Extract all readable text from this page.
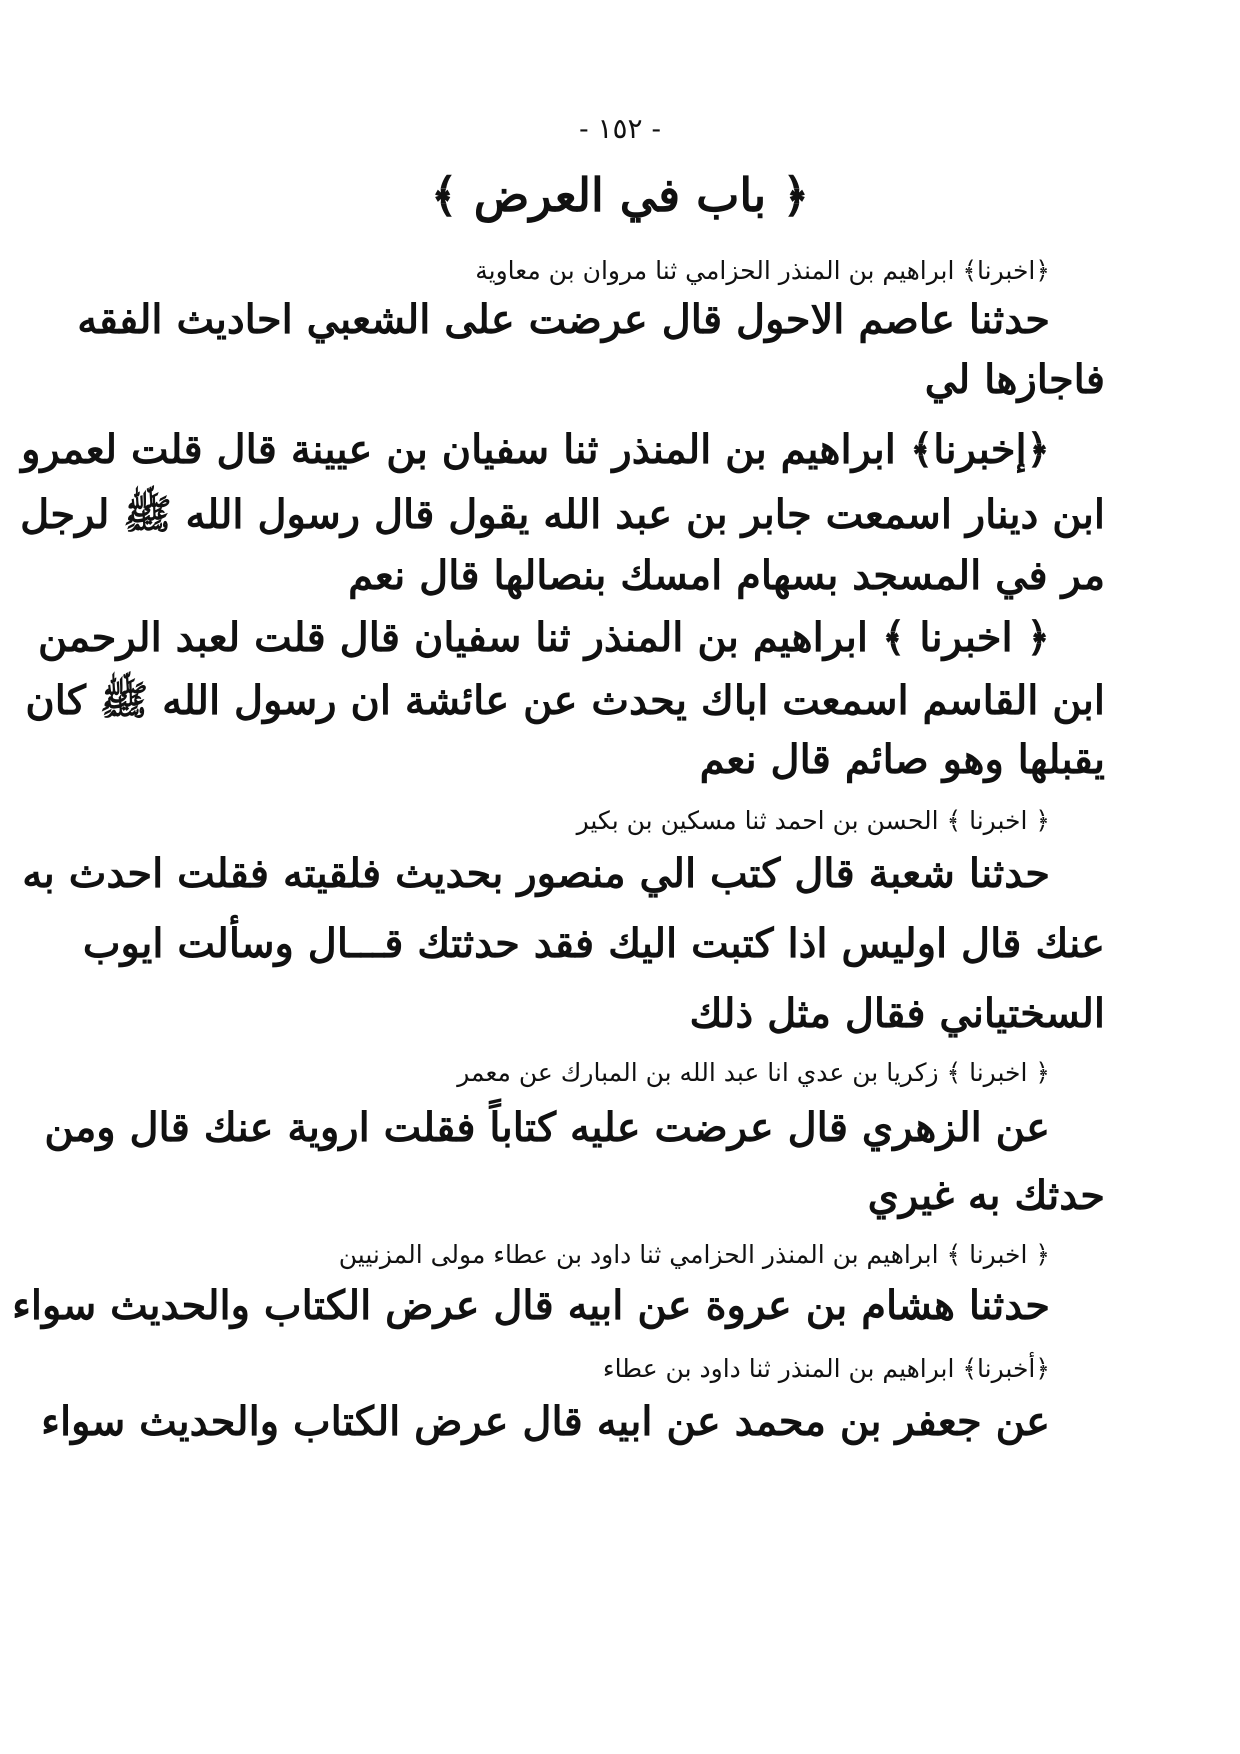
- ١٥٢ -
﴿ باب في العرض ﴾
﴿اخبرنا﴾ ابراهيم بن المنذر الحزامي ثنا مروان بن معاوية
حدثنا عاصم الاحول قال عرضت على الشعبي احاديث الفقه
فاجازها لي
﴿إخبرنا﴾ ابراهيم بن المنذر ثنا سفيان بن عيينة قال قلت لعمرو
ابن دينار اسمعت جابر بن عبد الله يقول قال رسول الله ﷺ لرجل
مر في المسجد بسهام امسك بنصالها قال نعم
﴿ اخبرنا ﴾ ابراهيم بن المنذر ثنا سفيان قال قلت لعبد الرحمن
ابن القاسم اسمعت اباك يحدث عن عائشة ان رسول الله ﷺ كان
يقبلها وهو صائم قال نعم
﴿ اخبرنا ﴾ الحسن بن احمد ثنا مسكين بن بكير
حدثنا شعبة قال كتب الي منصور بحديث فلقيته فقلت احدث به
عنك قال اوليس اذا كتبت اليك فقد حدثتك قـــال وسألت ايوب
السختياني فقال مثل ذلك
﴿ اخبرنا ﴾ زكريا بن عدي انا عبد الله بن المبارك عن معمر
عن الزهري قال عرضت عليه كتاباً فقلت اروية عنك قال ومن
حدثك به غيري
﴿ اخبرنا ﴾ ابراهيم بن المنذر الحزامي ثنا داود بن عطاء مولى المزنيين
حدثنا هشام بن عروة عن ابيه قال عرض الكتاب والحديث سواء
﴿أخبرنا﴾ ابراهيم بن المنذر ثنا داود بن عطاء
عن جعفر بن محمد عن ابيه قال عرض الكتاب والحديث سواء
